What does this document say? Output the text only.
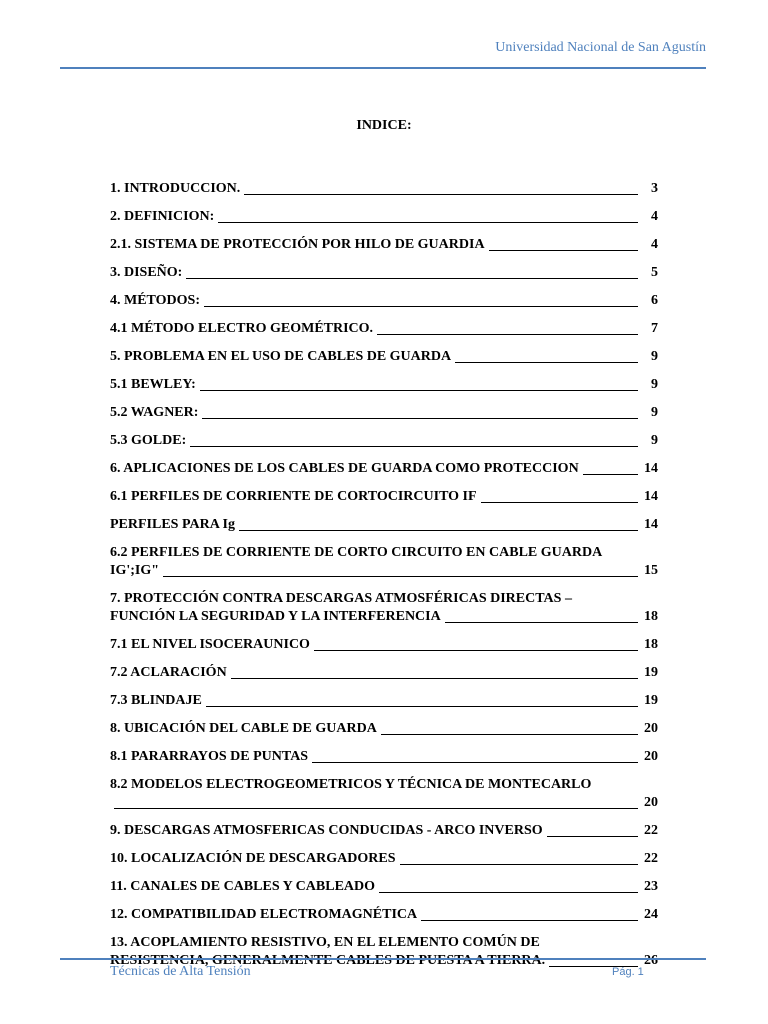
Universidad Nacional de San Agustín
INDICE:
1. INTRODUCCION.	3
2. DEFINICION:	4
2.1. SISTEMA DE PROTECCIÓN POR HILO DE GUARDIA	4
3. DISEÑO:	5
4. MÉTODOS:	6
4.1 MÉTODO ELECTRO GEOMÉTRICO.	7
5. PROBLEMA EN EL USO DE CABLES DE GUARDA	9
5.1 BEWLEY:	9
5.2 WAGNER:	9
5.3 GOLDE:	9
6. APLICACIONES DE LOS CABLES DE GUARDA COMO PROTECCION	14
6.1 PERFILES DE CORRIENTE DE CORTOCIRCUITO IF	14
PERFILES PARA Ig	14
6.2 PERFILES DE CORRIENTE DE CORTO CIRCUITO EN CABLE GUARDA
IG';IG"	15
7. PROTECCIÓN CONTRA DESCARGAS ATMOSFÉRICAS DIRECTAS –
FUNCIÓN LA SEGURIDAD Y LA INTERFERENCIA	18
7.1 EL NIVEL ISOCERAUNICO	18
7.2 ACLARACIÓN	19
7.3 BLINDAJE	19
8. UBICACIÓN DEL CABLE DE GUARDA	20
8.1 PARARRAYOS DE PUNTAS	20
8.2 MODELOS ELECTROGEOMETRICOS Y TÉCNICA DE MONTECARLO
20
9. DESCARGAS ATMOSFERICAS CONDUCIDAS - ARCO INVERSO	22
10. LOCALIZACIÓN DE DESCARGADORES	22
11. CANALES DE CABLES Y CABLEADO	23
12. COMPATIBILIDAD ELECTROMAGNÉTICA	24
13. ACOPLAMIENTO RESISTIVO, EN EL ELEMENTO COMÚN DE
RESISTENCIA, GENERALMENTE CABLES DE PUESTA A TIERRA.	26
Técnicas de Alta Tensión	Pág. 1
